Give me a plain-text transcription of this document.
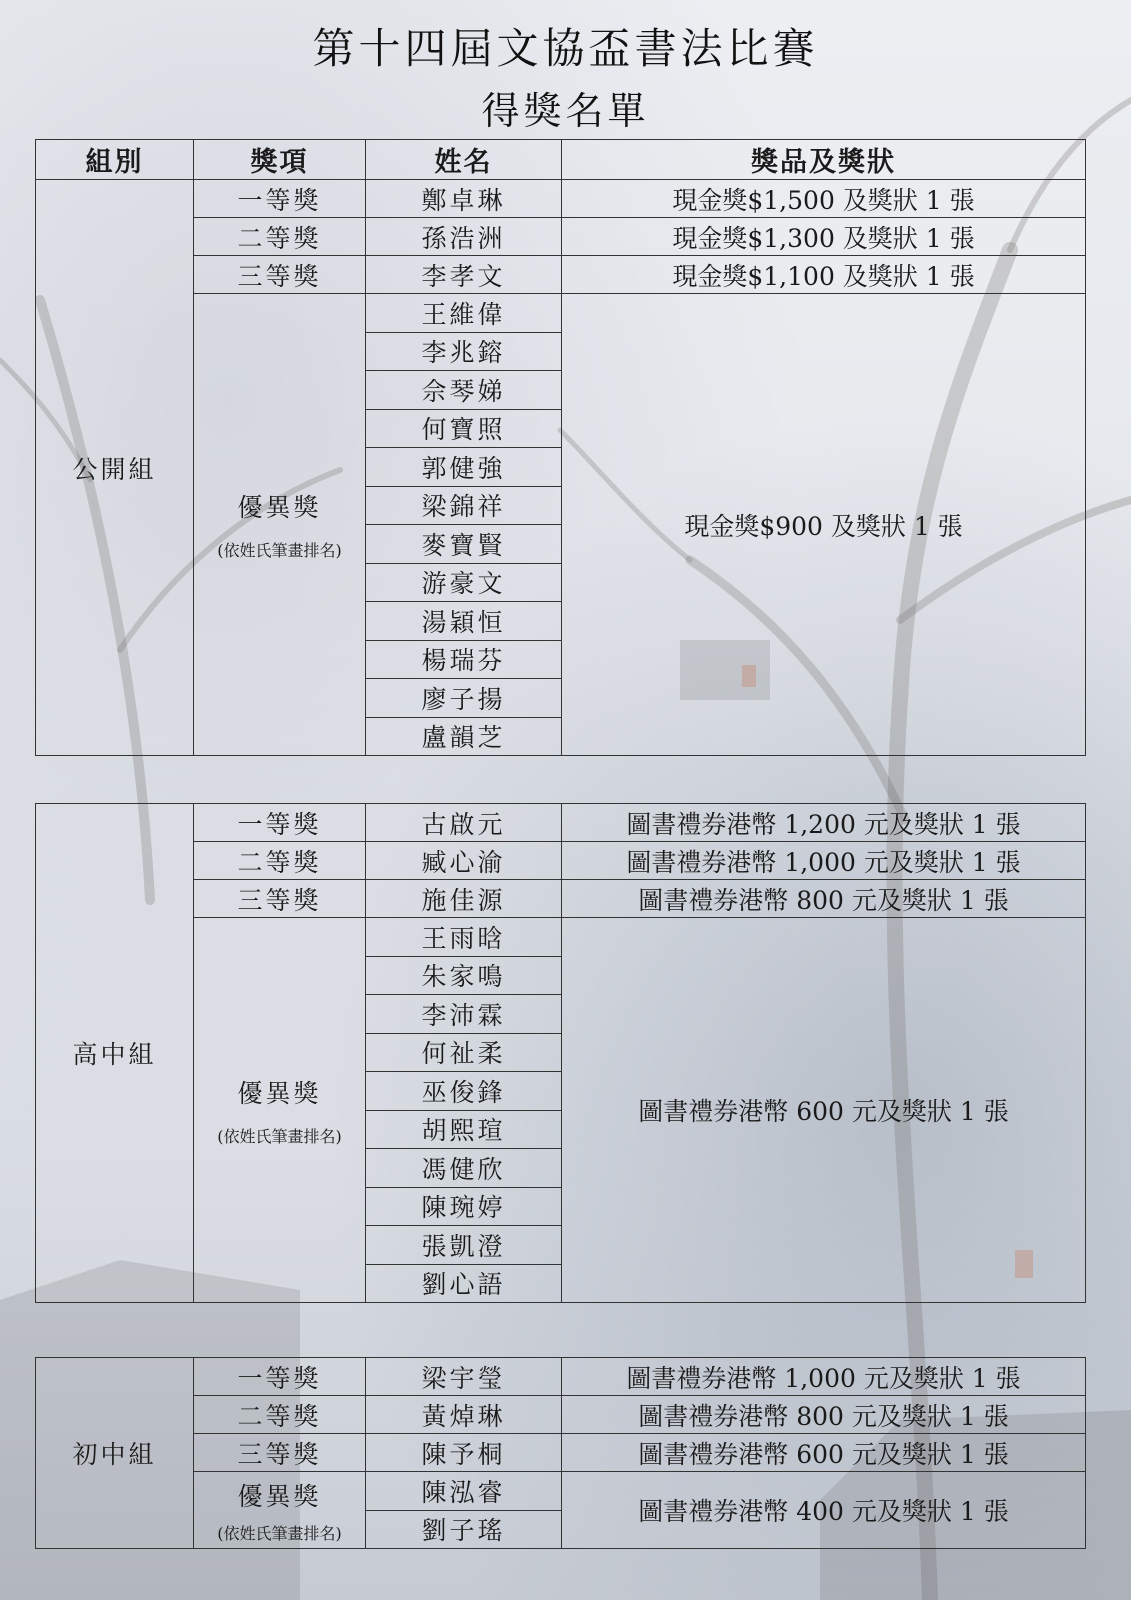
第十四屆文協盃書法比賽
得獎名單
組別	獎項	姓名	獎品及獎狀
公開組	一等獎	鄭卓琳	現金獎$1,500 及獎狀 1 張
	二等獎	孫浩洲	現金獎$1,300 及獎狀 1 張
	三等獎	李孝文	現金獎$1,100 及獎狀 1 張
	優異獎
(依姓氏筆畫排名)	王維偉	現金獎$900 及獎狀 1 張
		李兆鎔	
		佘琴娣	
		何寶照	
		郭健強	
		梁錦祥	
		麥寶賢	
		游豪文	
		湯穎恒	
		楊瑞芬	
		廖子揚	
		盧韻芝	
高中組	一等獎	古啟元	圖書禮券港幣 1,200 元及獎狀 1 張
	二等獎	臧心渝	圖書禮券港幣 1,000 元及獎狀 1 張
	三等獎	施佳源	圖書禮券港幣 800 元及獎狀 1 張
	優異獎
(依姓氏筆畫排名)	王雨晗	圖書禮券港幣 600 元及獎狀 1 張
		朱家鳴	
		李沛霖	
		何祉柔	
		巫俊鋒	
		胡熙瑄	
		馮健欣	
		陳琬婷	
		張凱澄	
		劉心語	
初中組	一等獎	梁宇瑩	圖書禮券港幣 1,000 元及獎狀 1 張
	二等獎	黃焯琳	圖書禮券港幣 800 元及獎狀 1 張
	三等獎	陳予桐	圖書禮券港幣 600 元及獎狀 1 張
	優異獎
(依姓氏筆畫排名)	陳泓睿	圖書禮券港幣 400 元及獎狀 1 張
		劉子瑤	
